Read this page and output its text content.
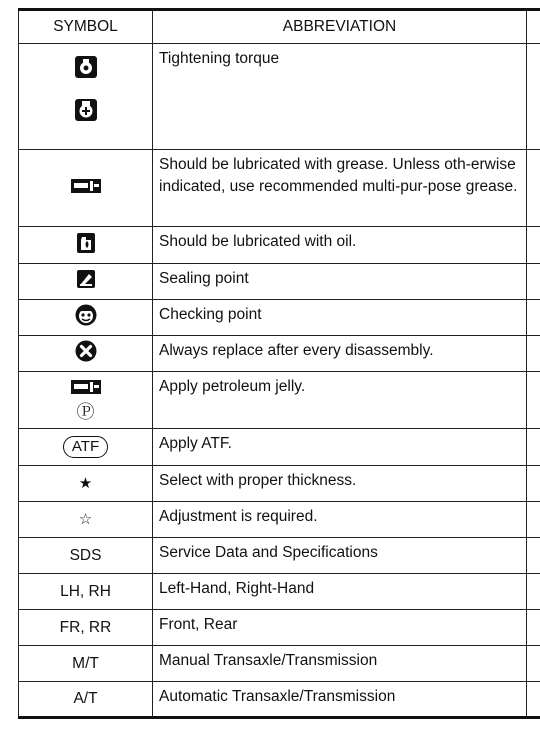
SYMBOL	ABBREVIATION	

	Tightening torque	
	Should be lubricated with grease. Unless oth-erwise indicated, use recommended multi-pur-pose grease.	
	Should be lubricated with oil.	
	Sealing point	
	Checking point	
	Always replace after every disassembly.	

Ⓟ	Apply petroleum jelly.	
ATF	Apply ATF.	
★	Select with proper thickness.	
☆	Adjustment is required.	
SDS	Service Data and Specifications	
LH, RH	Left-Hand, Right-Hand	
FR, RR	Front, Rear	
M/T	Manual Transaxle/Transmission	
A/T	Automatic Transaxle/Transmission	
